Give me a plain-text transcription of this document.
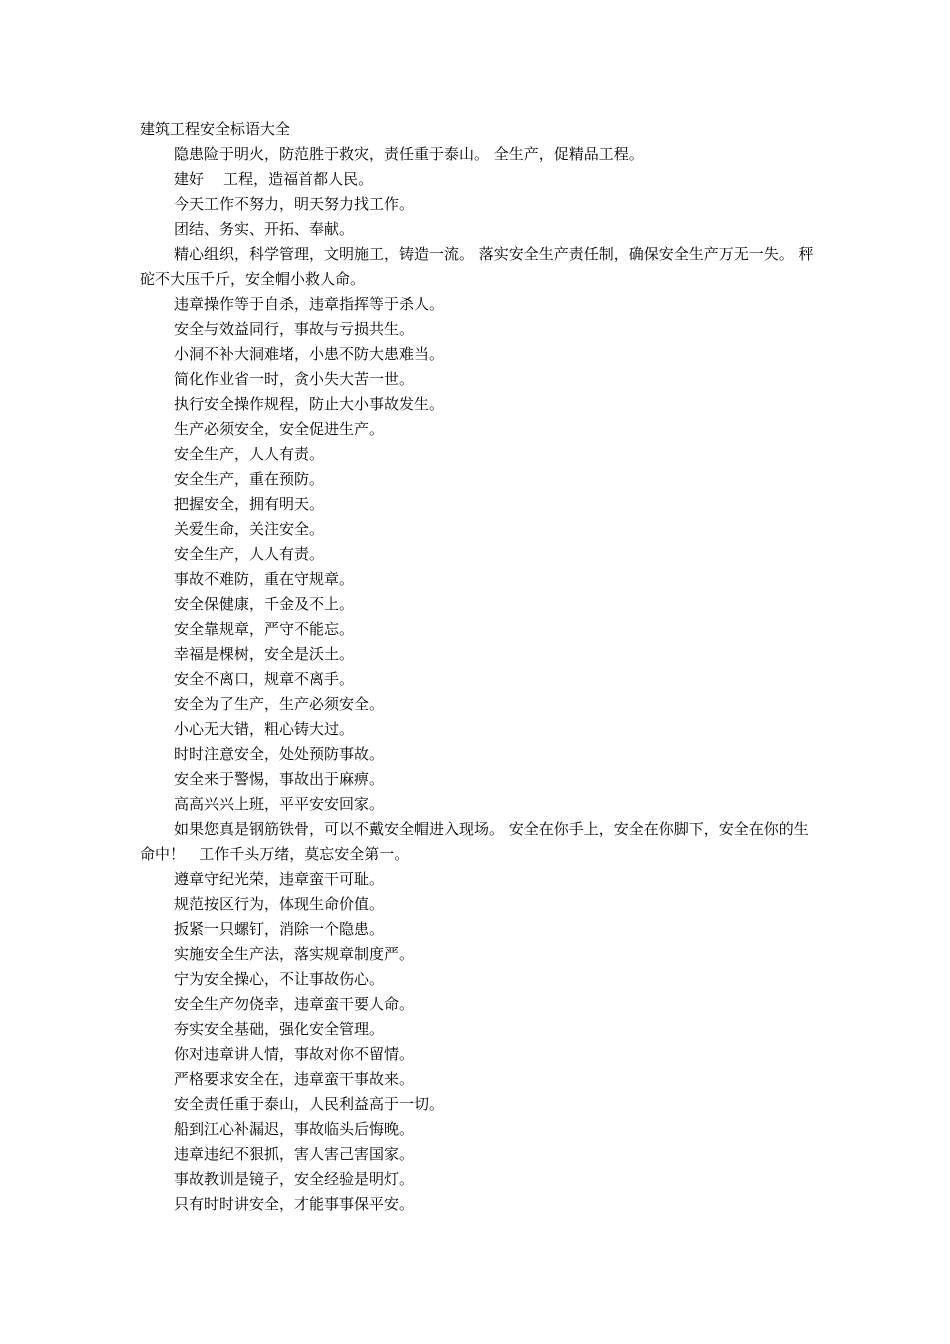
建筑工程安全标语大全

隐患险于明火，防范胜于救灾，责任重于泰山。 全生产，促精品工程。

建好    工程，造福首都人民。

今天工作不努力，明天努力找工作。

团结、务实、开拓、奉献。

精心组织，科学管理，文明施工，铸造一流。 落实安全生产责任制，确保安全生产万无一失。 秤砣不大压千斤，安全帽小救人命。

违章操作等于自杀，违章指挥等于杀人。

安全与效益同行，事故与亏损共生。

小洞不补大洞难堵，小患不防大患难当。

简化作业省一时，贪小失大苦一世。

执行安全操作规程，防止大小事故发生。

生产必须安全，安全促进生产。

安全生产，人人有责。

安全生产，重在预防。

把握安全，拥有明天。

关爱生命，关注安全。

安全生产，人人有责。

事故不难防，重在守规章。

安全保健康，千金及不上。

安全靠规章，严守不能忘。

幸福是棵树，安全是沃土。

安全不离口，规章不离手。

安全为了生产，生产必须安全。

小心无大错，粗心铸大过。

时时注意安全，处处预防事故。

安全来于警惕，事故出于麻痹。

高高兴兴上班，平平安安回家。

如果您真是钢筋铁骨，可以不戴安全帽进入现场。 安全在你手上，安全在你脚下，安全在你的生命中！   工作千头万绪，莫忘安全第一。

遵章守纪光荣，违章蛮干可耻。

规范按区行为，体现生命价值。

扳紧一只螺钉，消除一个隐患。

实施安全生产法，落实规章制度严。

宁为安全操心，不让事故伤心。

安全生产勿侥幸，违章蛮干要人命。

夯实安全基础，强化安全管理。

你对违章讲人情，事故对你不留情。

严格要求安全在，违章蛮干事故来。

安全责任重于泰山，人民利益高于一切。

船到江心补漏迟，事故临头后悔晚。

违章违纪不狠抓，害人害己害国家。

事故教训是镜子，安全经验是明灯。

只有时时讲安全，才能事事保平安。
